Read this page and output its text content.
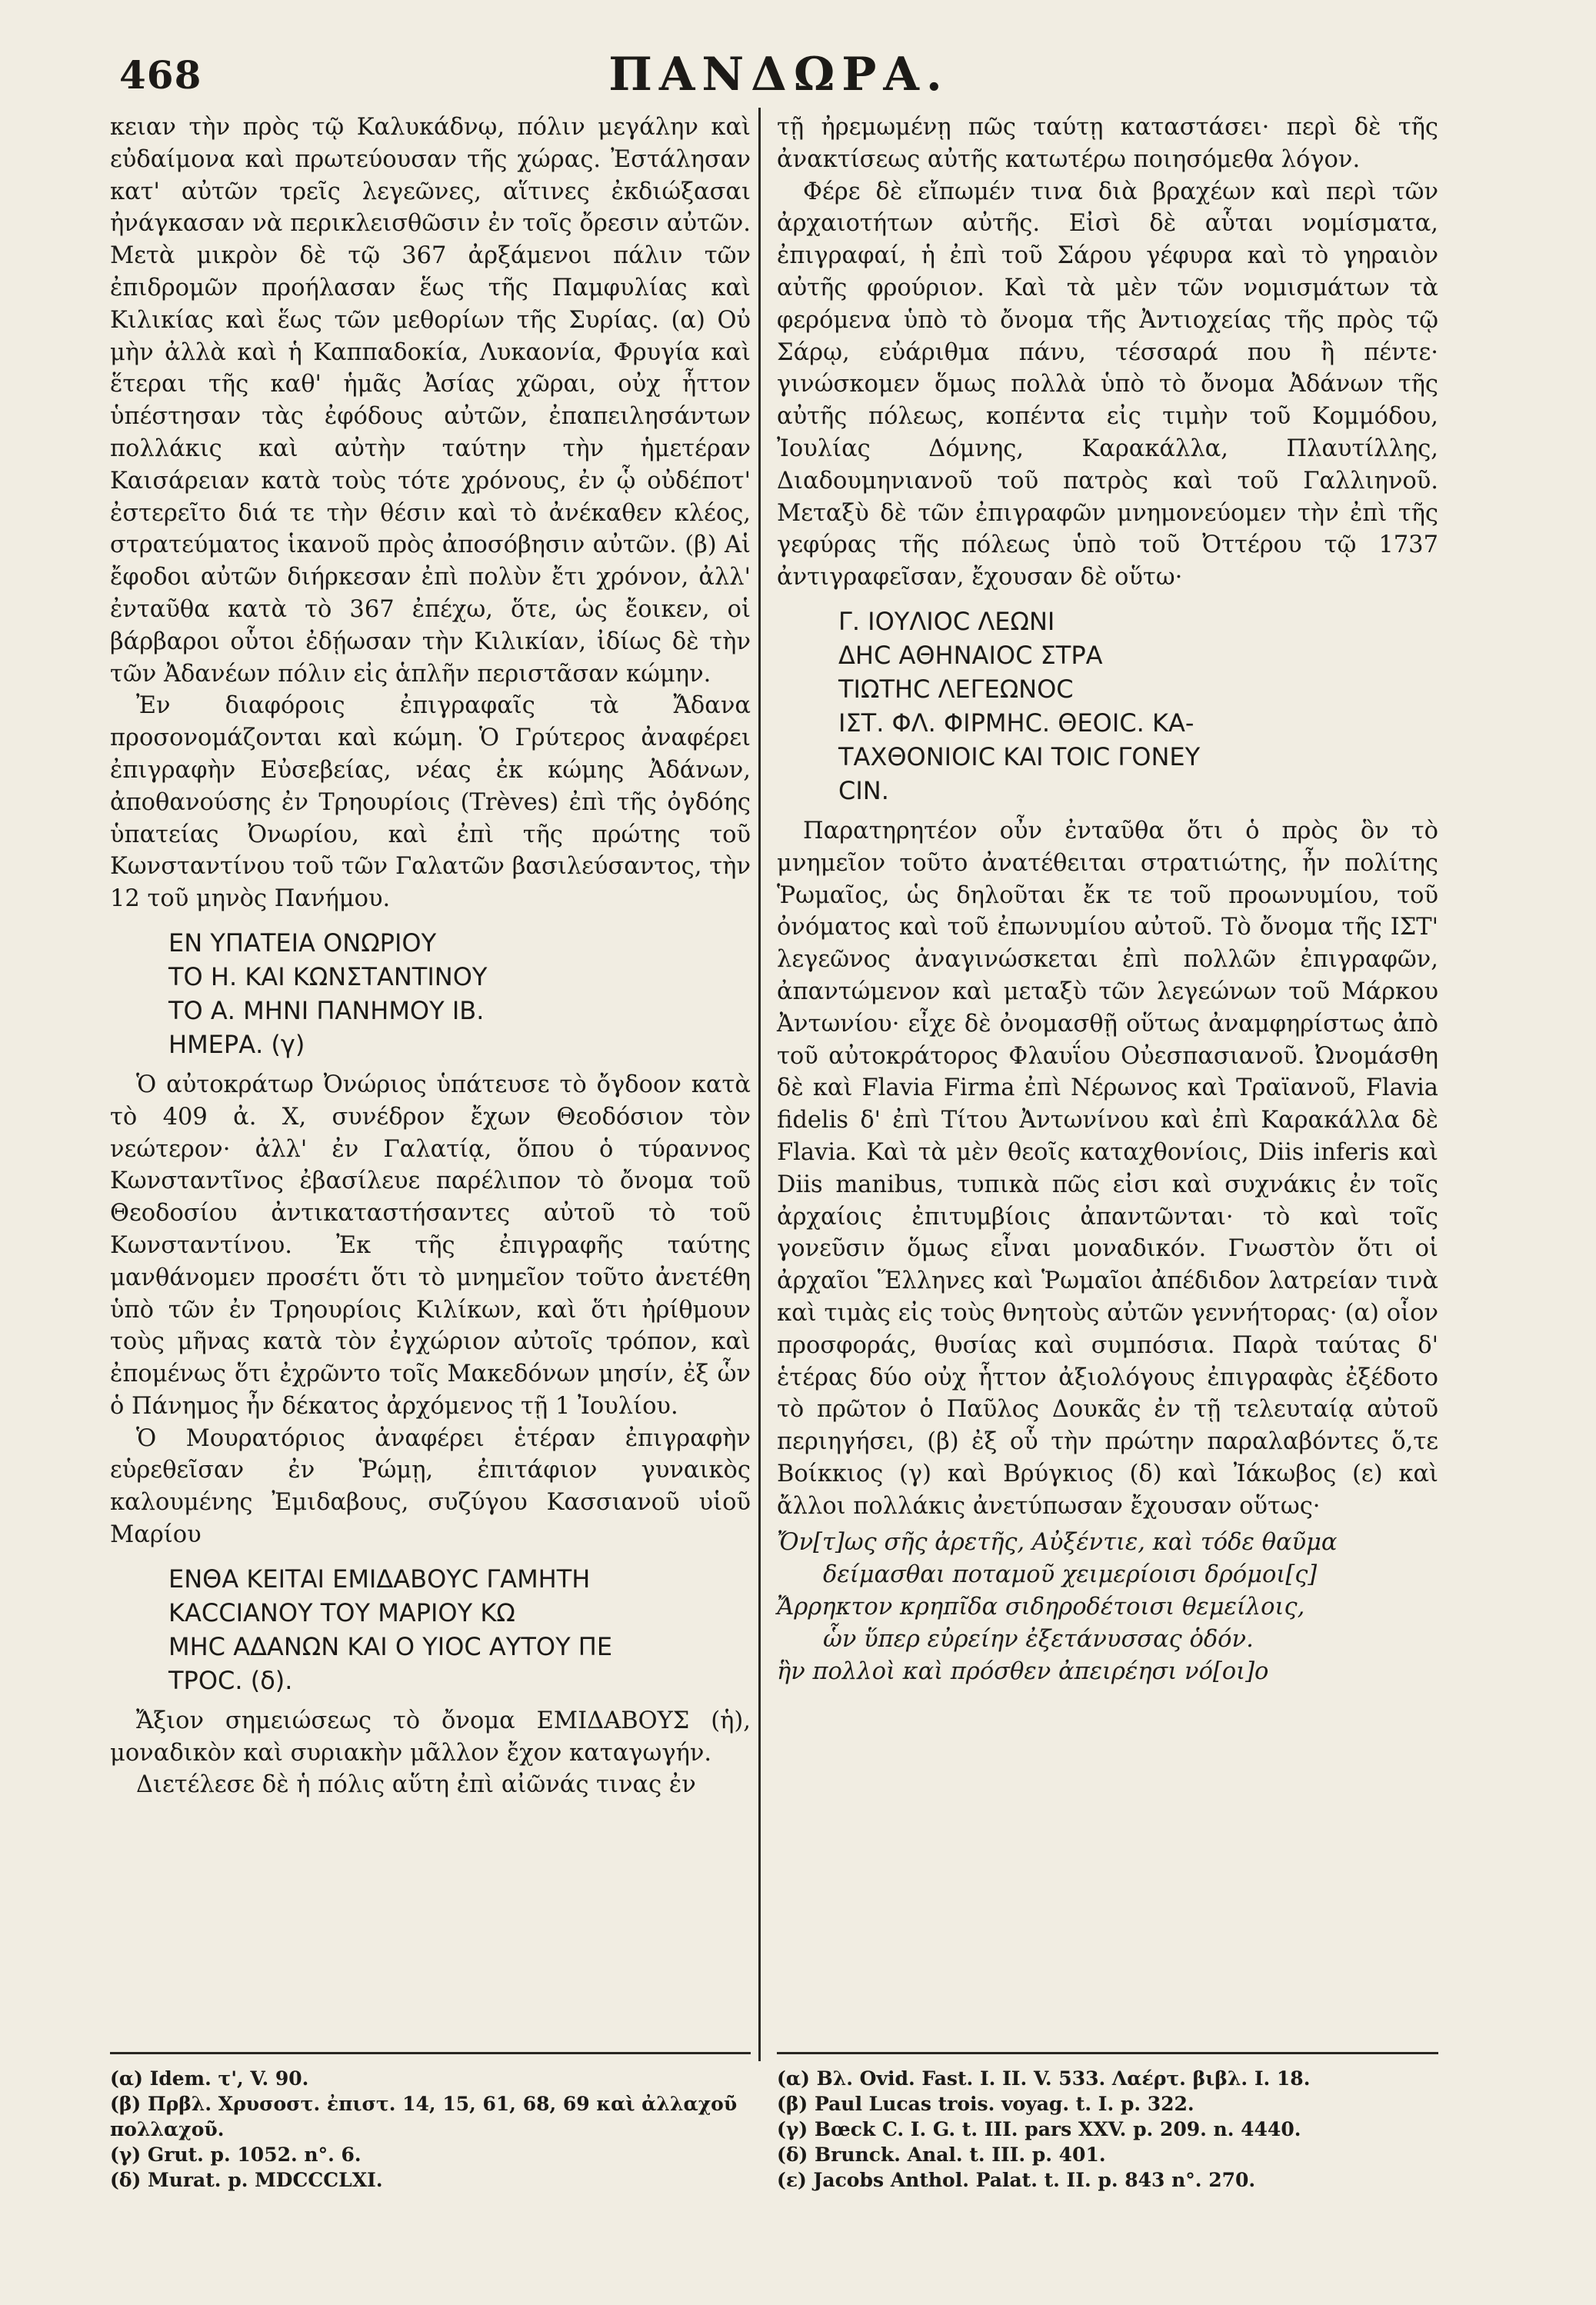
468	ΠΑΝΔΩΡΑ.

κειαν τὴν πρὸς τῷ Καλυκάδνῳ, πόλιν μεγάλην καὶ εὐδαίμονα καὶ πρωτεύουσαν τῆς χώρας. Ἐστάλησαν κατ' αὐτῶν τρεῖς λεγεῶνες, αἵτινες ἐκδιώξασαι ἠνάγκασαν νὰ περικλεισθῶσιν ἐν τοῖς ὄρεσιν αὐτῶν. Μετὰ μικρὸν δὲ τῷ 367 ἀρξάμενοι πάλιν τῶν ἐπιδρομῶν προήλασαν ἕως τῆς Παμφυλίας καὶ Κιλικίας καὶ ἕως τῶν μεθορίων τῆς Συρίας. (α) Οὐ μὴν ἀλλὰ καὶ ἡ Καππαδοκία, Λυκαονία, Φρυγία καὶ ἕτεραι τῆς καθ' ἡμᾶς Ἀσίας χῶραι, οὐχ ἧττον ὑπέστησαν τὰς ἐφόδους αὐτῶν, ἐπαπειλησάντων πολλάκις καὶ αὐτὴν ταύτην τὴν ἡμετέραν Καισάρειαν κατὰ τοὺς τότε χρόνους, ἐν ᾧ οὐδέποτ' ἐστερεῖτο διά τε τὴν θέσιν καὶ τὸ ἀνέκαθεν κλέος, στρατεύματος ἱκανοῦ πρὸς ἀποσόβησιν αὐτῶν. (β) Αἱ ἔφοδοι αὐτῶν διήρκεσαν ἐπὶ πολὺν ἔτι χρόνον, ἀλλ' ἐνταῦθα κατὰ τὸ 367 ἐπέχω, ὅτε, ὡς ἔοικεν, οἱ βάρβαροι οὗτοι ἐδῄωσαν τὴν Κιλικίαν, ἰδίως δὲ τὴν τῶν Ἀδανέων πόλιν εἰς ἁπλῆν περιστᾶσαν κώμην.

Ἐν διαφόροις ἐπιγραφαῖς τὰ Ἄδανα προσονομάζονται καὶ κώμη. Ὁ Γρύτερος ἀναφέρει ἐπιγραφὴν Εὐσεβείας, νέας ἐκ κώμης Ἀδάνων, ἀποθανούσης ἐν Τρηουρίοις (Trèves) ἐπὶ τῆς ὀγδόης ὑπατείας Ὀνωρίου, καὶ ἐπὶ τῆς πρώτης τοῦ Κωνσταντίνου τοῦ τῶν Γαλατῶν βασιλεύσαντος, τὴν 12 τοῦ μηνὸς Πανήμου.

ΕΝ ΥΠΑΤΕΙΑ ΟΝΩΡΙΟΥ
ΤΟ Η. ΚΑΙ ΚΩΝΣΤΑΝΤΙΝΟΥ
ΤΟ Α. ΜΗΝΙ ΠΑΝΗΜΟΥ ΙΒ.
ΗΜΕΡΑ. (γ)

Ὁ αὐτοκράτωρ Ὀνώριος ὑπάτευσε τὸ ὄγδοον κατὰ τὸ 409 ἀ. Χ, συνέδρον ἔχων Θεοδόσιον τὸν νεώτερον· ἀλλ' ἐν Γαλατίᾳ, ὅπου ὁ τύραννος Κωνσταντῖνος ἐβασίλευε παρέλιπον τὸ ὄνομα τοῦ Θεοδοσίου ἀντικαταστήσαντες αὐτοῦ τὸ τοῦ Κωνσταντίνου. Ἐκ τῆς ἐπιγραφῆς ταύτης μανθάνομεν προσέτι ὅτι τὸ μνημεῖον τοῦτο ἀνετέθη ὑπὸ τῶν ἐν Τρηουρίοις Κιλίκων, καὶ ὅτι ἠρίθμουν τοὺς μῆνας κατὰ τὸν ἐγχώριον αὐτοῖς τρόπον, καὶ ἐπομένως ὅτι ἐχρῶντο τοῖς Μακεδόνων μησίν, ἐξ ὧν ὁ Πάνημος ἦν δέκατος ἀρχόμενος τῇ 1 Ἰουλίου.

Ὁ Μουρατόριος ἀναφέρει ἑτέραν ἐπιγραφὴν εὑρεθεῖσαν ἐν Ῥώμῃ, ἐπιτάφιον γυναικὸς καλουμένης Ἐμιδαβους, συζύγου Κασσιανοῦ υἱοῦ Μαρίου

ΕΝΘΑ ΚΕΙΤΑΙ ΕΜΙΔΑΒΟΥC ΓΑΜΗΤΗ
ΚΑCCΙΑΝΟΥ ΤΟΥ ΜΑΡΙΟΥ ΚΩ
ΜΗC ΑΔΑΝΩΝ ΚΑΙ Ο ΥΙΟC ΑΥΤΟΥ ΠΕ
ΤΡΟC. (δ).

Ἄξιον σημειώσεως τὸ ὄνομα ΕΜΙΔΑΒΟΥΣ (ἡ), μοναδικὸν καὶ συριακὴν μᾶλλον ἔχον καταγωγήν.

Διετέλεσε δὲ ἡ πόλις αὕτη ἐπὶ αἰῶνάς τινας ἐν

τῇ ἠρεμωμένῃ πῶς ταύτῃ καταστάσει· περὶ δὲ τῆς ἀνακτίσεως αὐτῆς κατωτέρω ποιησόμεθα λόγον.

Φέρε δὲ εἴπωμέν τινα διὰ βραχέων καὶ περὶ τῶν ἀρχαιοτήτων αὐτῆς. Εἰσὶ δὲ αὗται νομίσματα, ἐπιγραφαί, ἡ ἐπὶ τοῦ Σάρου γέφυρα καὶ τὸ γηραιὸν αὐτῆς φρούριον. Καὶ τὰ μὲν τῶν νομισμάτων τὰ φερόμενα ὑπὸ τὸ ὄνομα τῆς Ἀντιοχείας τῆς πρὸς τῷ Σάρῳ, εὐάριθμα πάνυ, τέσσαρά που ἢ πέντε· γινώσκομεν ὅμως πολλὰ ὑπὸ τὸ ὄνομα Ἀδάνων τῆς αὐτῆς πόλεως, κοπέντα εἰς τιμὴν τοῦ Κομμόδου, Ἰουλίας Δόμνης, Καρακάλλα, Πλαυτίλλης, Διαδουμηνιανοῦ τοῦ πατρὸς καὶ τοῦ Γαλλιηνοῦ. Μεταξὺ δὲ τῶν ἐπιγραφῶν μνημονεύομεν τὴν ἐπὶ τῆς γεφύρας τῆς πόλεως ὑπὸ τοῦ Ὀττέρου τῷ 1737 ἀντιγραφεῖσαν, ἔχουσαν δὲ οὕτω·

Γ. ΙΟΥΛΙΟC ΛΕΩΝΙ
ΔΗC ΑΘΗΝΑΙΟC ΣΤΡΑ
ΤΙΩΤΗC ΛΕΓΕΩΝΟC
ΙΣΤ. ΦΛ. ΦΙΡΜΗC. ΘΕΟΙC. ΚΑ-
ΤΑΧΘΟΝΙΟΙC ΚΑΙ ΤΟΙC ΓΟΝΕΥ
CIN.

Παρατηρητέον οὖν ἐνταῦθα ὅτι ὁ πρὸς ὃν τὸ μνημεῖον τοῦτο ἀνατέθειται στρατιώτης, ἦν πολίτης Ῥωμαῖος, ὡς δηλοῦται ἔκ τε τοῦ προωνυμίου, τοῦ ὀνόματος καὶ τοῦ ἐπωνυμίου αὐτοῦ. Τὸ ὄνομα τῆς ΙΣΤ' λεγεῶνος ἀναγινώσκεται ἐπὶ πολλῶν ἐπιγραφῶν, ἀπαντώμενον καὶ μεταξὺ τῶν λεγεώνων τοῦ Μάρκου Ἀντωνίου· εἶχε δὲ ὀνομασθῇ οὕτως ἀναμφηρίστως ἀπὸ τοῦ αὐτοκράτορος Φλαυΐου Οὐεσπασιανοῦ. Ὠνομάσθη δὲ καὶ Flavia Firma ἐπὶ Νέρωνος καὶ Τραϊανοῦ, Flavia fidelis δ' ἐπὶ Τίτου Ἀντωνίνου καὶ ἐπὶ Καρακάλλα δὲ Flavia. Καὶ τὰ μὲν θεοῖς καταχθονίοις, Diis inferis καὶ Diis manibus, τυπικὰ πῶς εἰσι καὶ συχνάκις ἐν τοῖς ἀρχαίοις ἐπιτυμβίοις ἀπαντῶνται· τὸ καὶ τοῖς γονεῦσιν ὅμως εἶναι μοναδικόν. Γνωστὸν ὅτι οἱ ἀρχαῖοι Ἕλληνες καὶ Ῥωμαῖοι ἀπέδιδον λατρείαν τινὰ καὶ τιμὰς εἰς τοὺς θνητοὺς αὐτῶν γεννήτορας· (α) οἷον προσφοράς, θυσίας καὶ συμπόσια. Παρὰ ταύτας δ' ἑτέρας δύο οὐχ ἧττον ἀξιολόγους ἐπιγραφὰς ἐξέδοτο τὸ πρῶτον ὁ Παῦλος Δουκᾶς ἐν τῇ τελευταίᾳ αὐτοῦ περιηγήσει, (β) ἐξ οὗ τὴν πρώτην παραλαβόντες ὅ,τε Βοίκκιος (γ) καὶ Βρύγκιος (δ) καὶ Ἰάκωβος (ε) καὶ ἄλλοι πολλάκις ἀνετύπωσαν ἔχουσαν οὕτως·

Ὄν[τ]ως σῆς ἀρετῆς, Αὐξέντιε, καὶ τόδε θαῦμα
δείμασθαι ποταμοῦ χειμερίοισι δρόμοι[ς]
Ἄρρηκτον κρηπῖδα σιδηροδέτοισι θεμείλοις,
ὧν ὕπερ εὐρείην ἐξετάνυσσας ὁδόν.
ἣν πολλοὶ καὶ πρόσθεν ἀπειρέησι νό[οι]ο
(α) Idem. τ', V. 90.
(β) Πρβλ. Χρυσοστ. ἐπιστ. 14, 15, 61, 68, 69 καὶ ἀλλαχοῦ
πολλαχοῦ.
(γ) Grut. p. 1052. n°. 6.
(δ) Murat. p. MDCCCLXI.
(α) Βλ. Ovid. Fast. I. II. V. 533. Λαέρτ. βιβλ. I. 18.
(β) Paul Lucas trois. voyag. t. I. p. 322.
(γ) Bœck C. I. G. t. III. pars XXV. p. 209. n. 4440.
(δ) Brunck. Anal. t. III. p. 401.
(ε) Jacobs Anthol. Palat. t. II. p. 843 n°. 270.
